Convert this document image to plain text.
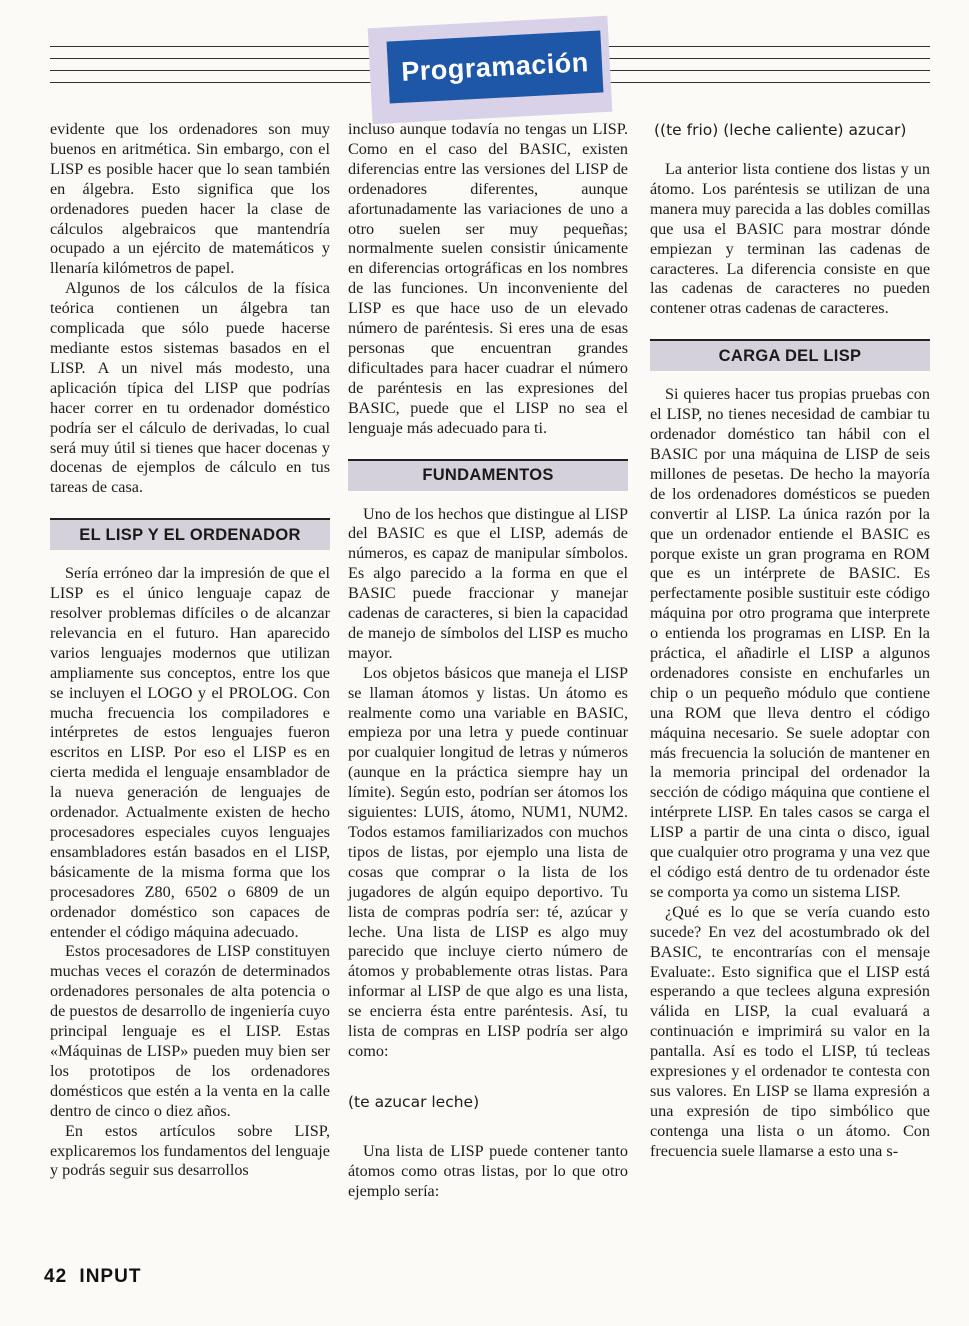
Programación

evidente que los ordenadores son muy buenos en aritmética. Sin embargo, con el LISP es posible hacer que lo sean también en álgebra. Esto significa que los ordenadores pueden hacer la clase de cálculos algebraicos que mantendría ocupado a un ejército de matemáticos y llenaría kilómetros de papel.

Algunos de los cálculos de la física teórica contienen un álgebra tan complicada que sólo puede hacerse mediante estos sistemas basados en el LISP. A un nivel más modesto, una aplicación típica del LISP que podrías hacer correr en tu ordenador doméstico podría ser el cálculo de derivadas, lo cual será muy útil si tienes que hacer docenas y docenas de ejemplos de cálculo en tus tareas de casa.

EL LISP Y EL ORDENADOR

Sería erróneo dar la impresión de que el LISP es el único lenguaje capaz de resolver problemas difíciles o de alcanzar relevancia en el futuro. Han aparecido varios lenguajes modernos que utilizan ampliamente sus conceptos, entre los que se incluyen el LOGO y el PROLOG. Con mucha frecuencia los compiladores e intérpretes de estos lenguajes fueron escritos en LISP. Por eso el LISP es en cierta medida el lenguaje ensamblador de la nueva generación de lenguajes de ordenador. Actualmente existen de hecho procesadores especiales cuyos lenguajes ensambladores están basados en el LISP, básicamente de la misma forma que los procesadores Z80, 6502 o 6809 de un ordenador doméstico son capaces de entender el código máquina adecuado.

Estos procesadores de LISP constituyen muchas veces el corazón de determinados ordenadores personales de alta potencia o de puestos de desarrollo de ingeniería cuyo principal lenguaje es el LISP. Estas «Máquinas de LISP» pueden muy bien ser los prototipos de los ordenadores domésticos que estén a la venta en la calle dentro de cinco o diez años.

En estos artículos sobre LISP, explicaremos los fundamentos del lenguaje y podrás seguir sus desarrollos

incluso aunque todavía no tengas un LISP. Como en el caso del BASIC, existen diferencias entre las versiones del LISP de ordenadores diferentes, aunque afortunadamente las variaciones de uno a otro suelen ser muy pequeñas; normalmente suelen consistir únicamente en diferencias ortográficas en los nombres de las funciones. Un inconveniente del LISP es que hace uso de un elevado número de paréntesis. Si eres una de esas personas que encuentran grandes dificultades para hacer cuadrar el número de paréntesis en las expresiones del BASIC, puede que el LISP no sea el lenguaje más adecuado para ti.

FUNDAMENTOS

Uno de los hechos que distingue al LISP del BASIC es que el LISP, además de números, es capaz de manipular símbolos. Es algo parecido a la forma en que el BASIC puede fraccionar y manejar cadenas de caracteres, si bien la capacidad de manejo de símbolos del LISP es mucho mayor.

Los objetos básicos que maneja el LISP se llaman átomos y listas. Un átomo es realmente como una variable en BASIC, empieza por una letra y puede continuar por cualquier longitud de letras y números (aunque en la práctica siempre hay un límite). Según esto, podrían ser átomos los siguientes: LUIS, átomo, NUM1, NUM2. Todos estamos familiarizados con muchos tipos de listas, por ejemplo una lista de cosas que comprar o la lista de los jugadores de algún equipo deportivo. Tu lista de compras podría ser: té, azúcar y leche. Una lista de LISP es algo muy parecido que incluye cierto número de átomos y probablemente otras listas. Para informar al LISP de que algo es una lista, se encierra ésta entre paréntesis. Así, tu lista de compras en LISP podría ser algo como:

(te azucar leche)

Una lista de LISP puede contener tanto átomos como otras listas, por lo que otro ejemplo sería:

((te frio) (leche caliente) azucar)

La anterior lista contiene dos listas y un átomo. Los paréntesis se utilizan de una manera muy parecida a las dobles comillas que usa el BASIC para mostrar dónde empiezan y terminan las cadenas de caracteres. La diferencia consiste en que las cadenas de caracteres no pueden contener otras cadenas de caracteres.

CARGA DEL LISP

Si quieres hacer tus propias pruebas con el LISP, no tienes necesidad de cambiar tu ordenador doméstico tan hábil con el BASIC por una máquina de LISP de seis millones de pesetas. De hecho la mayoría de los ordenadores domésticos se pueden convertir al LISP. La única razón por la que un ordenador entiende el BASIC es porque existe un gran programa en ROM que es un intérprete de BASIC. Es perfectamente posible sustituir este código máquina por otro programa que interprete o entienda los programas en LISP. En la práctica, el añadirle el LISP a algunos ordenadores consiste en enchufarles un chip o un pequeño módulo que contiene una ROM que lleva dentro el código máquina necesario. Se suele adoptar con más frecuencia la solución de mantener en la memoria principal del ordenador la sección de código máquina que contiene el intérprete LISP. En tales casos se carga el LISP a partir de una cinta o disco, igual que cualquier otro programa y una vez que el código está dentro de tu ordenador éste se comporta ya como un sistema LISP.

¿Qué es lo que se vería cuando esto sucede? En vez del acostumbrado ok del BASIC, te encontrarías con el mensaje Evaluate:. Esto significa que el LISP está esperando a que teclees alguna expresión válida en LISP, la cual evaluará a continuación e imprimirá su valor en la pantalla. Así es todo el LISP, tú tecleas expresiones y el ordenador te contesta con sus valores. En LISP se llama expresión a una expresión de tipo simbólico que contenga una lista o un átomo. Con frecuencia suele llamarse a esto una s-

42 INPUT
